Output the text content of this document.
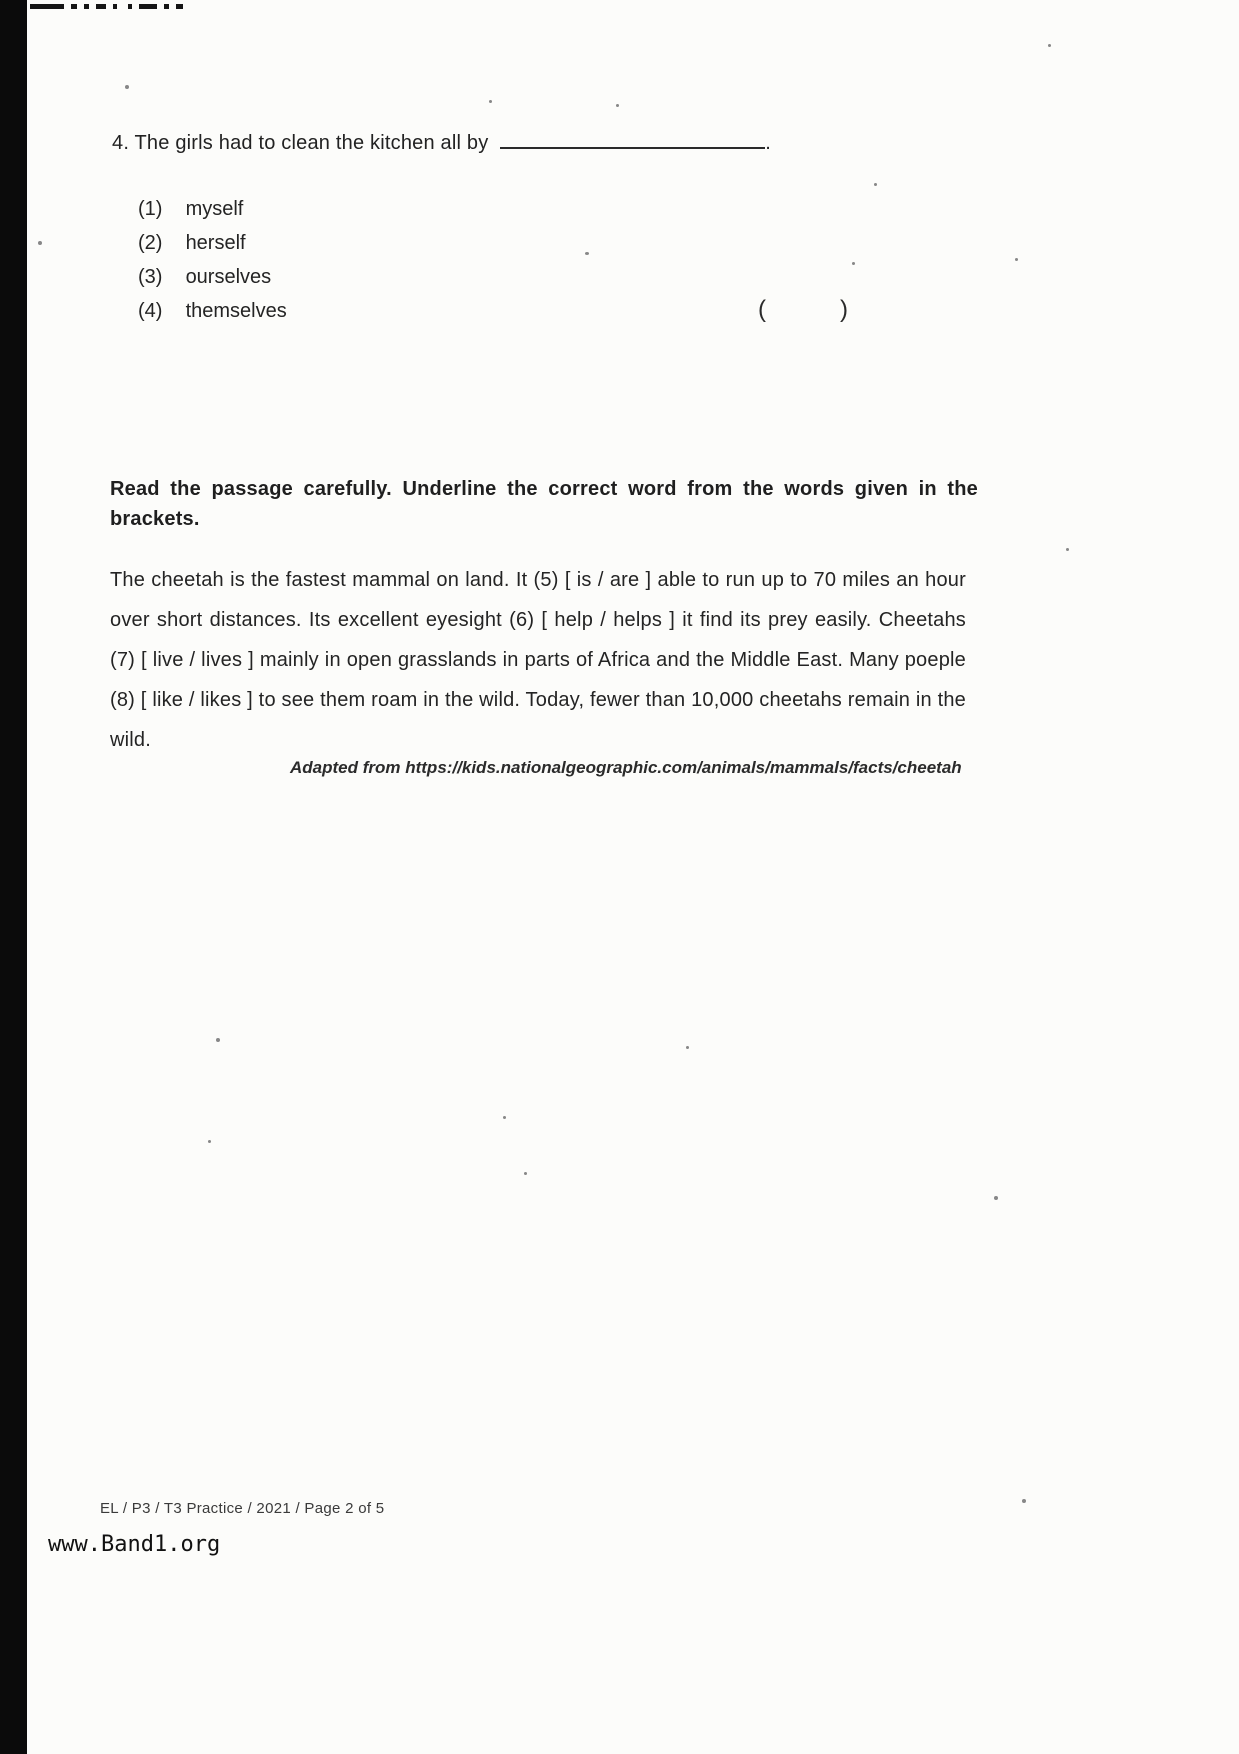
4. The girls had to clean the kitchen all by	.
(1) myself
(2) herself
(3) ourselves
(4) themselves	(	)
Read the passage carefully. Underline the correct word from the words given in the brackets.
The cheetah is the fastest mammal on land. It (5) [ is / are ] able to run up to 70 miles an hour over short distances. Its excellent eyesight (6) [ help / helps ] it find its prey easily. Cheetahs (7) [ live / lives ] mainly in open grasslands in parts of Africa and the Middle East. Many poeple (8) [ like / likes ] to see them roam in the wild. Today, fewer than 10,000 cheetahs remain in the wild.
Adapted from https://kids.nationalgeographic.com/animals/mammals/facts/cheetah
EL / P3 / T3 Practice / 2021 / Page 2 of 5
www.Band1.org
